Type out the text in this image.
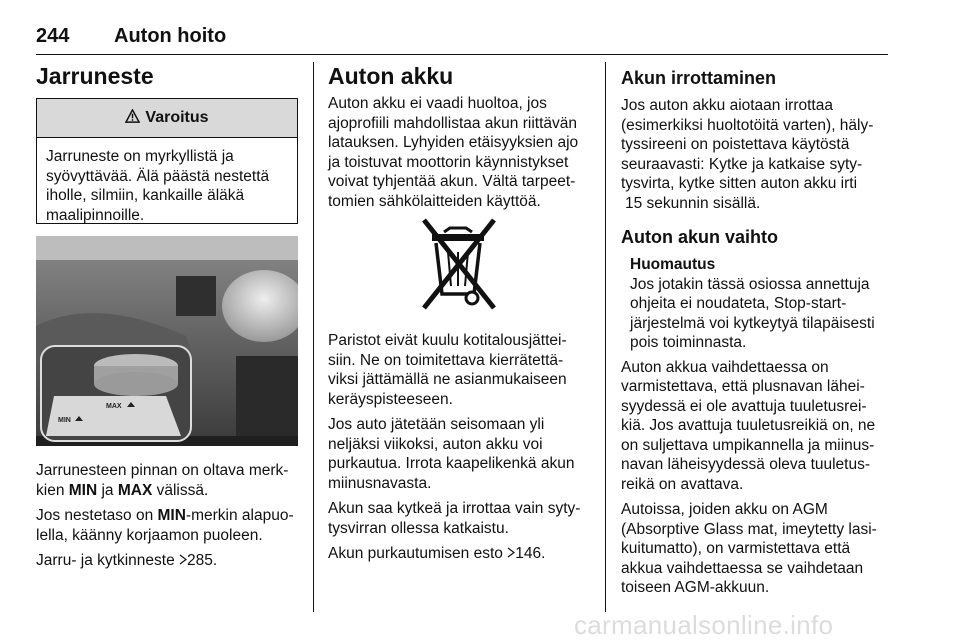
244 Auton hoito
Jarruneste
Varoitus
Jarruneste on myrkyllistä ja
syövyttävää. Älä päästä nestettä
iholle, silmiin, kankaille äläkä
maalipinnoille.
MAX
MIN

Jarrunesteen pinnan on oltava merk-
kien MIN ja MAX välissä.

Jos nestetaso on MIN-merkin alapuo-
lella, käänny korjaamon puoleen.

Jarru- ja kytkinneste 285.

Auton akku

Auton akku ei vaadi huoltoa, jos
ajoprofiili mahdollistaa akun riittävän
latauksen. Lyhyiden etäisyyksien ajo
ja toistuvat moottorin käynnistykset
voivat tyhjentää akun. Vältä tarpeet-
tomien sähkölaitteiden käyttöä.

Paristot eivät kuulu kotitalousjättei-
siin. Ne on toimitettava kierrätettä-
viksi jättämällä ne asianmukaiseen
keräyspisteeseen.

Jos auto jätetään seisomaan yli
neljäksi viikoksi, auton akku voi
purkautua. Irrota kaapelikenkä akun
miinusnavasta.

Akun saa kytkeä ja irrottaa vain syty-
tysvirran ollessa katkaistu.

Akun purkautumisen esto 146.

Akun irrottaminen

Jos auton akku aiotaan irrottaa
(esimerkiksi huoltotöitä varten), häly-
tyssireeni on poistettava käytöstä
seuraavasti: Kytke ja katkaise syty-
tysvirta, kytke sitten auton akku irti
15 sekunnin sisällä.

Auton akun vaihto

Huomautus

Jos jotakin tässä osiossa annettuja
ohjeita ei noudateta, Stop-start-
järjestelmä voi kytkeytyä tilapäisesti
pois toiminnasta.

Auton akkua vaihdettaessa on
varmistettava, että plusnavan lähei-
syydessä ei ole avattuja tuuletusrei-
kiä. Jos avattuja tuuletusreikiä on, ne
on suljettava umpikannella ja miinus-
navan läheisyydessä oleva tuuletus-
reikä on avattava.

Autoissa, joiden akku on AGM
(Absorptive Glass mat, imeytetty lasi-
kuitumatto), on varmistettava että
akkua vaihdettaessa se vaihdetaan
toiseen AGM-akkuun.

carmanualsonline.info
